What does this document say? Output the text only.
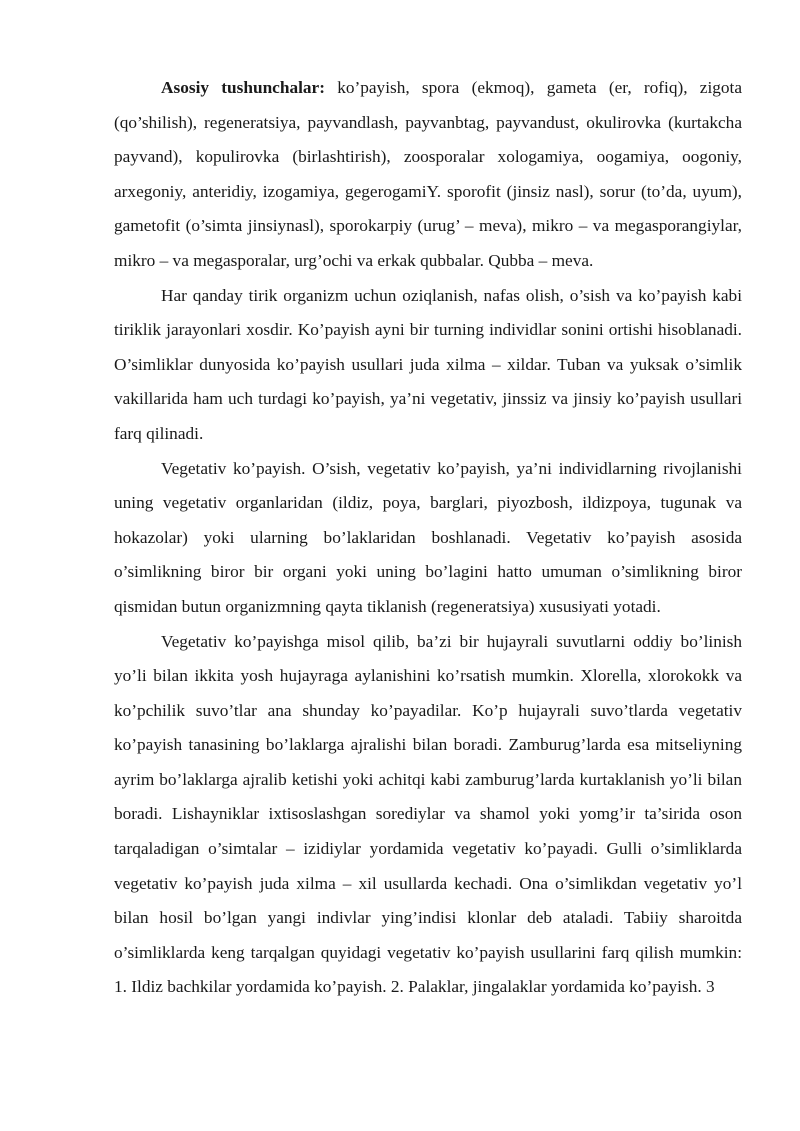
Asosiy tushunchalar: ko’payish, spora (ekmoq), gameta (er, rofiq), zigota (qo’shilish), regeneratsiya, payvandlash, payvanbtag, payvandust, okulirovka (kurtakcha payvand), kopulirovka (birlashtirish), zoosporalar xologamiya, oogamiya, oogoniy, arxegoniy, anteridiy, izogamiya, gegerogamiY. sporofit (jinsiz nasl), sorur (to’da, uyum), gametofit (o’simta jinsiynasl), sporokarpiy (urug’ – meva), mikro – va megasporangiylar, mikro – va megasporalar, urg’ochi va erkak qubbalar. Qubba – meva.

Har qanday tirik organizm uchun oziqlanish, nafas olish, o’sish va ko’payish kabi tiriklik jarayonlari xosdir. Ko’payish ayni bir turning individlar sonini ortishi hisoblanadi. O’simliklar dunyosida ko’payish usullari juda xilma – xildar. Tuban va yuksak o’simlik vakillarida ham uch turdagi ko’payish, ya’ni vegetativ, jinssiz va jinsiy ko’payish usullari farq qilinadi.

Vegetativ ko’payish. O’sish, vegetativ ko’payish, ya’ni individlarning rivojlanishi uning vegetativ organlaridan (ildiz, poya, barglari, piyozbosh, ildizpoya, tugunak va hokazolar) yoki ularning bo’laklaridan boshlanadi. Vegetativ ko’payish asosida o’simlikning biror bir organi yoki uning bo’lagini hatto umuman o’simlikning biror qismidan butun organizmning qayta tiklanish (regeneratsiya) xususiyati yotadi.

Vegetativ ko’payishga misol qilib, ba’zi bir hujayrali suvutlarni oddiy bo’linish yo’li bilan ikkita yosh hujayraga aylanishini ko’rsatish mumkin. Xlorella, xlorokokk va ko’pchilik suvo’tlar ana shunday ko’payadilar. Ko’p hujayrali suvo’tlarda vegetativ ko’payish tanasining bo’laklarga ajralishi bilan boradi. Zamburug’larda esa mitseliyning ayrim bo’laklarga ajralib ketishi yoki achitqi kabi zamburug’larda kurtaklanish yo’li bilan boradi. Lishayniklar ixtisoslashgan sorediylar va shamol yoki yomg’ir ta’sirida oson tarqaladigan o’simtalar – izidiylar yordamida vegetativ ko’payadi. Gulli o’simliklarda vegetativ ko’payish juda xilma – xil usullarda kechadi. Ona o’simlikdan vegetativ yo’l bilan hosil bo’lgan yangi indivlar ying’indisi klonlar deb ataladi. Tabiiy sharoitda o’simliklarda keng tarqalgan quyidagi vegetativ ko’payish usullarini farq qilish mumkin: 1. Ildiz bachkilar yordamida ko’payish. 2. Palaklar, jingalaklar yordamida ko’payish. 3
